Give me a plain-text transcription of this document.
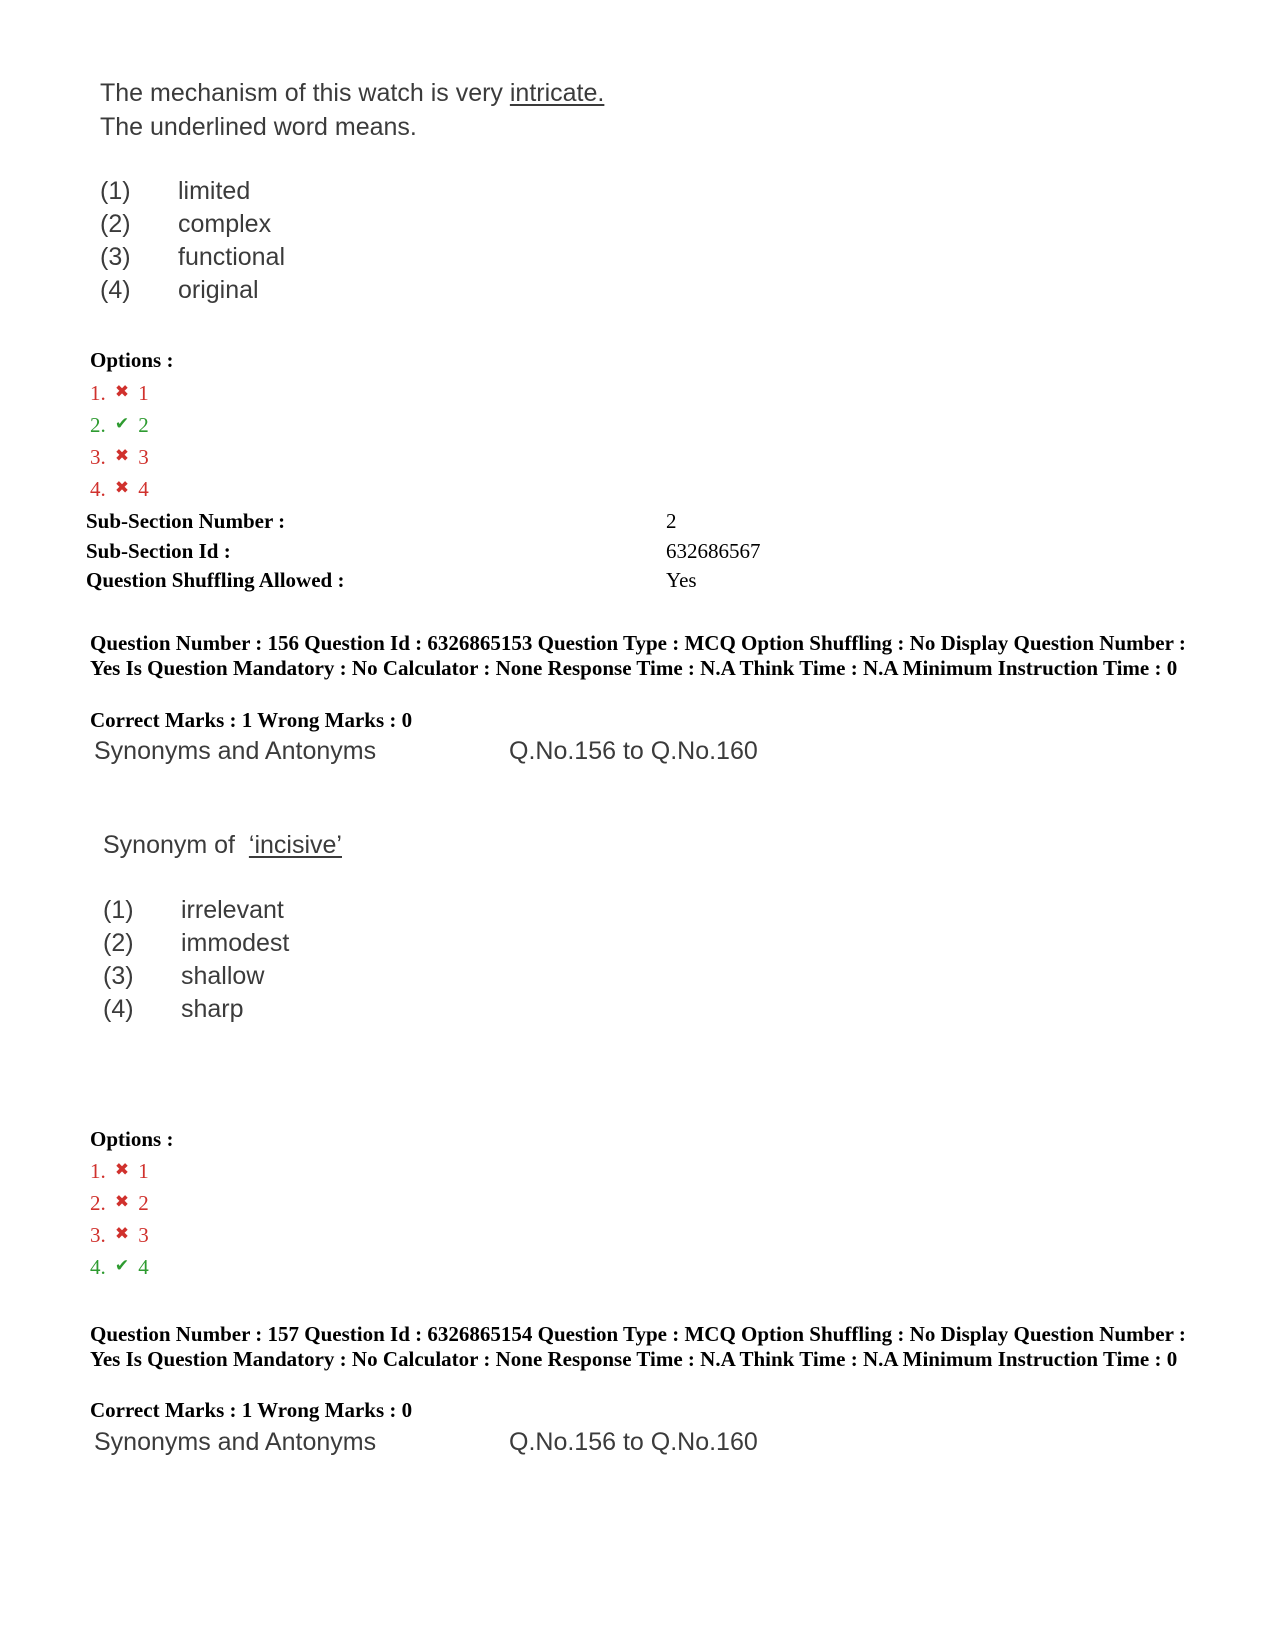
The mechanism of this watch is very intricate.
The underlined word means.
(1) limited
(2) complex
(3) functional
(4) original
Options :
1. ✖ 1
2. ✔ 2
3. ✖ 3
4. ✖ 4
Sub-Section Number :	2
Sub-Section Id :	632686567
Question Shuffling Allowed :	Yes
Question Number : 156 Question Id : 6326865153 Question Type : MCQ Option Shuffling : No Display Question Number : Yes Is Question Mandatory : No Calculator : None Response Time : N.A Think Time : N.A Minimum Instruction Time : 0
Correct Marks : 1 Wrong Marks : 0
Synonyms and Antonyms	Q.No.156 to Q.No.160
Synonym of  ‘incisive’
(1) irrelevant
(2) immodest
(3) shallow
(4) sharp
Options :
1. ✖ 1
2. ✖ 2
3. ✖ 3
4. ✔ 4
Question Number : 157 Question Id : 6326865154 Question Type : MCQ Option Shuffling : No Display Question Number : Yes Is Question Mandatory : No Calculator : None Response Time : N.A Think Time : N.A Minimum Instruction Time : 0
Correct Marks : 1 Wrong Marks : 0
Synonyms and Antonyms	Q.No.156 to Q.No.160
